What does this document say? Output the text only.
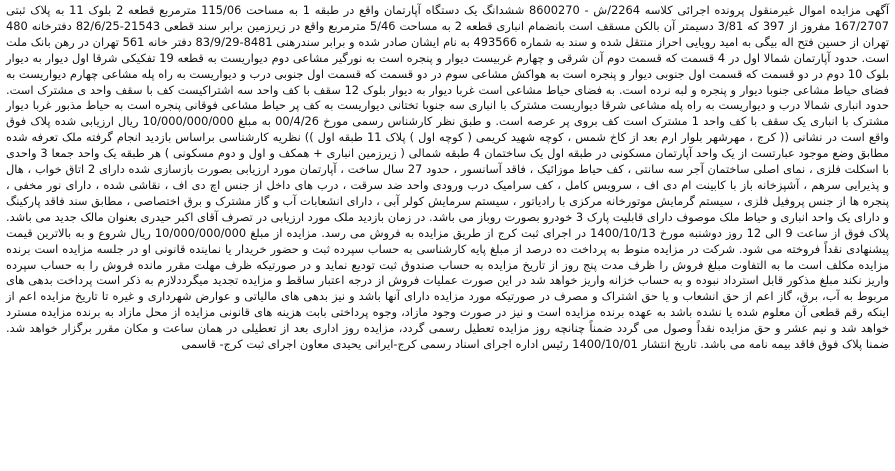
آگهی مزایده اموال غیرمنقول پرونده اجرائی کلاسه 2264/ش - 8600270 ششدانگ یک دستگاه آپارتمان واقع در طبقه 1 به مساحت 115/06 مترمربع قطعه 2 بلوک 11 به پلاک ثبتی 167/2707 مفروز از 397 که 3/81 دسیمتر آن بالکن مسقف است بانضمام انباری قطعه 2 به مساحت 5/46 مترمربع واقع در زیرزمین برابر سند قطعی 21543-82/6/25 دفترخانه 480 تهران از حسین فتح اله بیگی به امید رویایی احراز منتقل شده و سند به شماره 493566 به نام ایشان صادر شده و برابر سندرهنی 8481-83/9/29 دفتر خانه 561 تهران در رهن بانک ملت است. حدود آپارتمان شمالا اول در 4 قسمت که قسمت دوم آن شرقی و چهارم غربیست دیوار و پنجره است به نورگیر مشاعی دوم دیواریست به قطعه 19 تفکیکی شرقا اول دیوار به دیوار بلوک 10 دوم در دو قسمت که قسمت اول جنوبی دیوار و پنجره است به هواکش مشاعی سوم در دو قسمت که قسمت اول جنوبی درب و دیواریست به راه پله مشاعی چهارم دیواریست به فضای حیاط مشاعی جنوبا دیوار و پنجره و لبه نرده است. به فضای حیاط مشاعی است غربا دیوار به دیوار بلوک 12 سقف با کف واحد سه اشتراکیست کف با سقف واحد ی مشترک است. حدود انباری شمالا درب و دیواریست به راه پله مشاعی شرقا دیواریست مشترک با انباری سه جنوبا تختانی دیواریست به کف پر حیاط مشاعی فوقانی پنجره است به حیاط مذبور غربا دیوار مشترک با انباری یک سقف با کف واحد 1 مشترک است کف بروی پر عرصه است. و طبق نظر کارشناس رسمی مورخ 00/4/26 به مبلغ 10/000/000/000 ریال ارزیابی شده پلاک فوق واقع است در نشانی (( کرج ، مهرشهر بلوار ارم بعد از کاخ شمس ، کوچه شهید کریمی ( کوچه اول ) پلاک 11 طبقه اول )) نظریه کارشناسی براساس بازدید انجام گرفته ملک تعرفه شده مطابق وضع موجود عبارتست از یک واحد آپارتمان مسکونی در طبقه اول یک ساختمان 4 طبقه شمالی ( زیرزمین انباری + همکف و اول و دوم مسکونی ) هر طبقه یک واحد جمعا 3 واحدی با اسکلت فلزی ، نمای اصلی ساختمان آجر سه سانتی ، کف حیاط موزائیک ، فاقد آسانسور ، حدود 27 سال ساخت ، آپارتمان مورد ارزیابی بصورت بازسازی شده دارای 2 اتاق خواب ، هال و پذیرایی سرهم ، آشپزخانه باز با کابینت ام دی اف ، سرویس کامل ، کف سرامیک درب ورودی واحد ضد سرقت ، درب های داخل از جنس اچ دی اف ، نقاشی شده ، دارای نور مخفی ، پنجره ها از جنس پروفیل فلزی ، سیستم گرمایش موتورخانه مرکزی با رادیاتور ، سیستم سرمایش کولر آبی ، دارای انشعابات آب و گاز مشترک و برق اختصاصی ، مطابق سند فاقد پارکینگ و دارای یک واحد انباری و حیاط ملک موصوف دارای قابلیت پارک 3 خودرو بصورت روباز می باشد. در زمان بازدید ملک مورد ارزیابی در تصرف آقای اکبر حیدری بعنوان مالک جدید می باشد. پلاک فوق از ساعت 9 الی 12 روز دوشنبه مورخ 1400/10/13 در اجرای ثبت کرج از طریق مزایده به فروش می رسد. مزایده از مبلغ 10/000/000/000 ریال شروع و به بالاترین قیمت پیشنهادی نقداً فروخته می شود. شرکت در مزایده منوط به پرداخت ده درصد از مبلغ پایه کارشناسی به حساب سپرده ثبت و حضور خریدار یا نماینده قانونی او در جلسه مزایده است برنده مزایده مکلف است ما به التفاوت مبلغ فروش را ظرف مدت پنج روز از تاریخ مزایده به حساب صندوق ثبت تودیع نماید و در صورتیکه ظرف مهلت مقرر مانده فروش را به حساب سپرده واریز نکند مبلغ مذکور قابل استرداد نبوده و به حساب خزانه واریز خواهد شد در این صورت عملیات فروش از درجه اعتبار ساقط و مزایده تجدید میگرددلازم به ذکر است پرداخت بدهی های مربوط به آب، برق، گاز اعم از حق انشعاب و یا حق اشتراک و مصرف در صورتیکه مورد مزایده دارای آنها باشد و نیز بدهی های مالیاتی و عوارض شهرداری و غیره تا تاریخ مزایده اعم از اینکه رقم قطعی آن معلوم شده یا نشده باشد به عهده برنده مزایده است و نیز در صورت وجود مازاد، وجوه پرداختی بابت هزینه های قانونی مزایده از محل مازاد به برنده مزایده مسترد خواهد شد و نیم عشر و حق مزایده نقداً وصول می گردد ضمناً چنانچه روز مزایده تعطیل رسمی گردد، مزایده روز اداری بعد از تعطیلی در همان ساعت و مکان مقرر برگزار خواهد شد. ضمنا پلاک فوق فاقد بیمه نامه می باشد. تاریخ انتشار 1400/10/01 رئیس اداره اجرای اسناد رسمی کرج-ایرانی یحیدی معاون اجرای ثبت کرج- قاسمی
